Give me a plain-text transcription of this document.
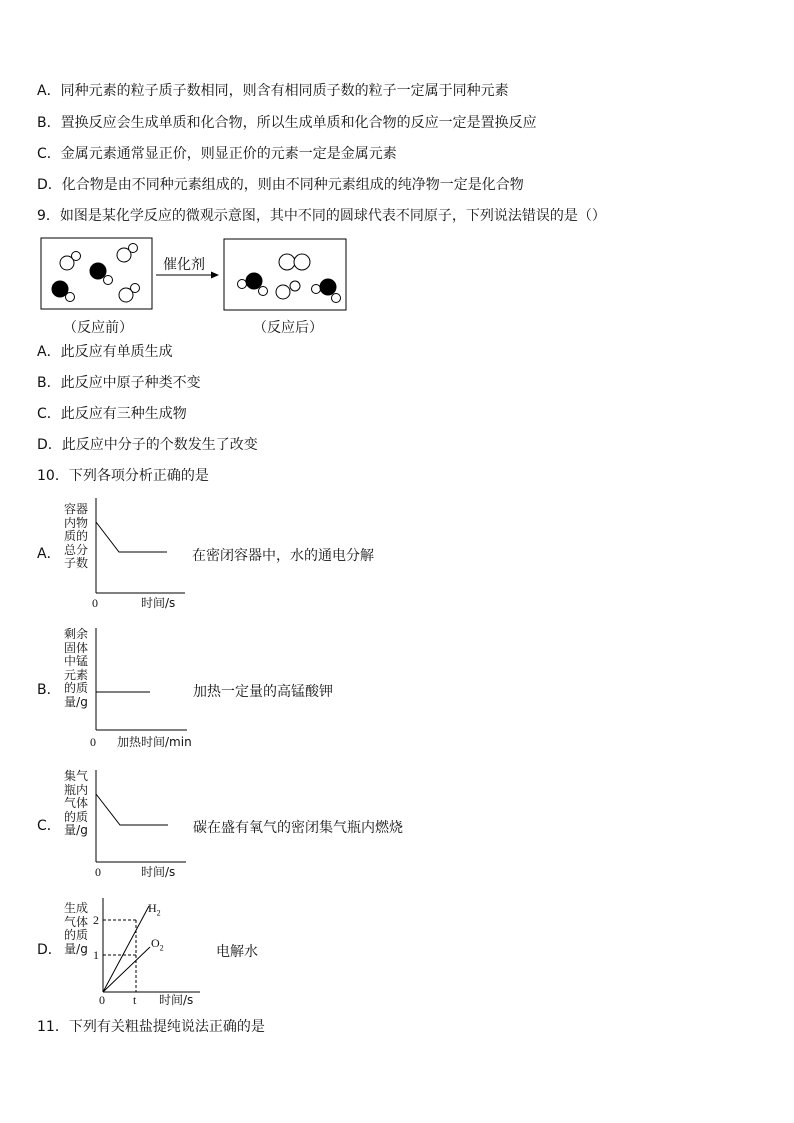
A．同种元素的粒子质子数相同，则含有相同质子数的粒子一定属于同种元素
B．置换反应会生成单质和化合物，所以生成单质和化合物的反应一定是置换反应
C．金属元素通常显正价，则显正价的元素一定是金属元素
D．化合物是由不同种元素组成的，则由不同种元素组成的纯净物一定是化合物
9．如图是某化学反应的微观示意图，其中不同的圆球代表不同原子，下列说法错误的是（）
催化剂
（反应前）	（反应后）
A．此反应有单质生成
B．此反应中原子种类不变
C．此反应有三种生成物
D．此反应中分子的个数发生了改变
10．下列各项分析正确的是
A．
容器内物质的总分子数
0	时间/s
在密闭容器中，水的通电分解
B．
剩余固体中锰元素的质量/g
0 加热时间/min
加热一定量的高锰酸钾
C．
集气瓶内气体的质量/g
0	时间/s
碳在盛有氧气的密闭集气瓶内燃烧
D．
生成气体的质量/g
2
1
0 t 时间/s
$H_2$
$O_2$	电解水
11．下列有关粗盐提纯说法正确的是
